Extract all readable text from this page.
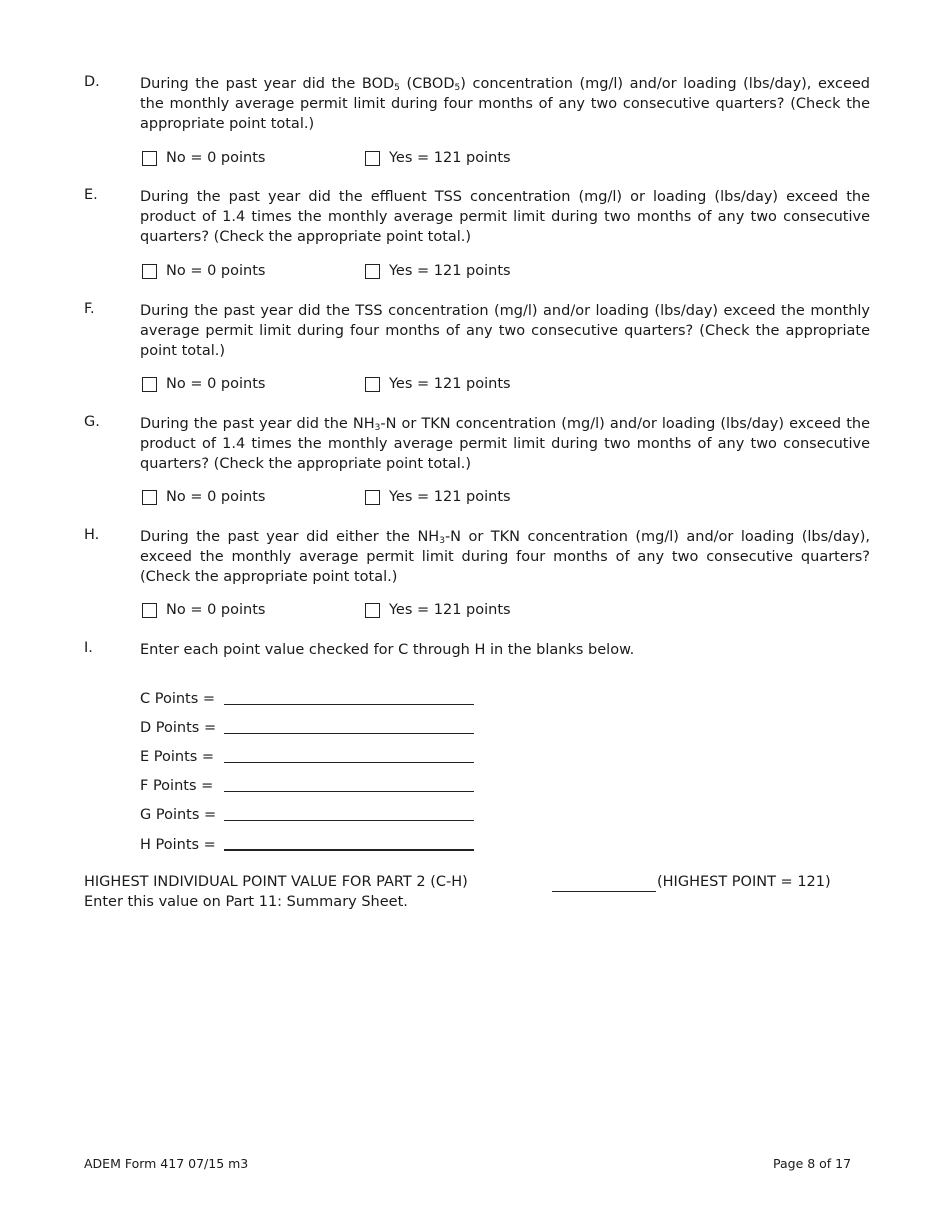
D.	During the past year did the $BOD_5$ $(CBOD_5)$ concentration (mg/l) and/or loading (lbs/day), exceed the monthly average permit limit during four months of any two consecutive quarters? (Check the appropriate point total.)
No = 0 points	Yes = 121 points
E.	During the past year did the effluent TSS concentration (mg/l) or loading (lbs/day) exceed the product of 1.4 times the monthly average permit limit during two months of any two consecutive quarters? (Check the appropriate point total.)
No = 0 points	Yes = 121 points
F.	During the past year did the TSS concentration (mg/l) and/or loading (lbs/day) exceed the monthly average permit limit during four months of any two consecutive quarters? (Check the appropriate point total.)
No = 0 points	Yes = 121 points
G.	During the past year did the $NH_3-N$ or TKN concentration (mg/l) and/or loading (lbs/day) exceed the product of 1.4 times the monthly average permit limit during two months of any two consecutive quarters? (Check the appropriate point total.)
No = 0 points	Yes = 121 points
H.	During the past year did either the $NH_3-N$ or TKN concentration (mg/l) and/or loading (lbs/day), exceed the monthly average permit limit during four months of any two consecutive quarters? (Check the appropriate point total.)
No = 0 points	Yes = 121 points
I.	Enter each point value checked for C through H in the blanks below.
C Points =
D Points =
E Points =
F Points =
G Points =
H Points =
HIGHEST INDIVIDUAL POINT VALUE FOR PART 2 (C-H)	(HIGHEST POINT = 121)
Enter this value on Part 11: Summary Sheet.
ADEM Form 417 07/15 m3	Page 8 of 17
